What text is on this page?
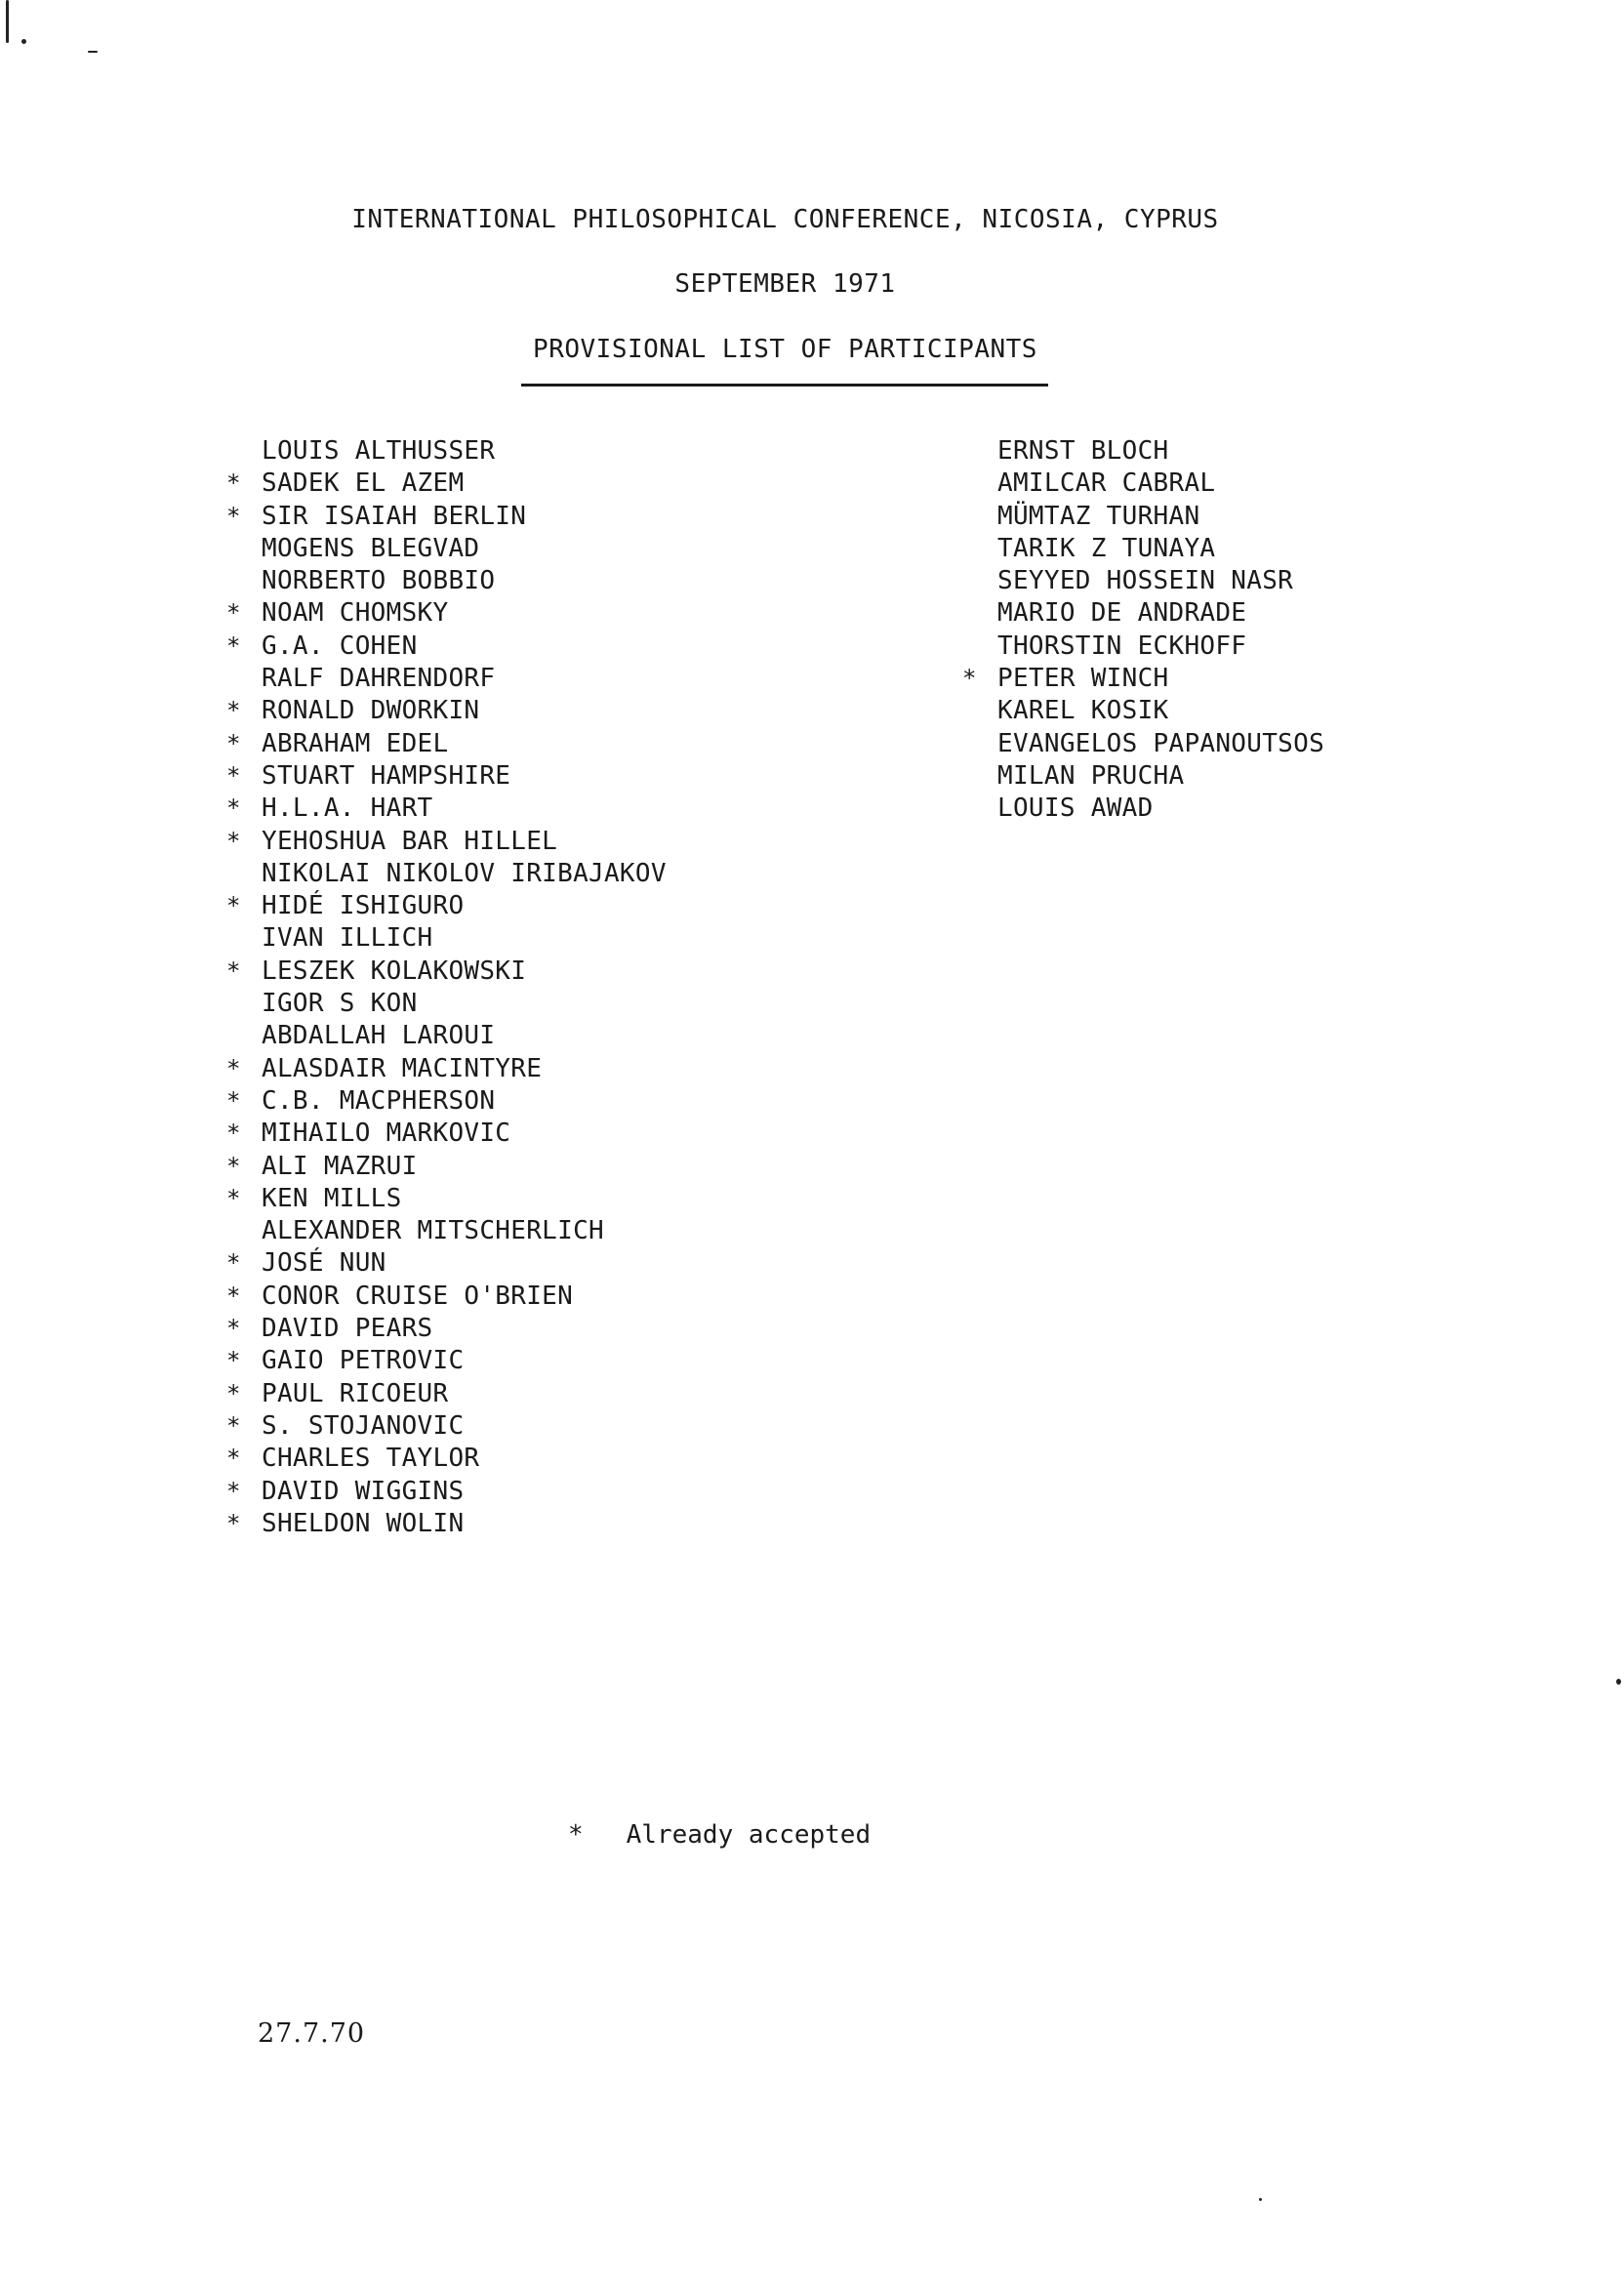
INTERNATIONAL PHILOSOPHICAL CONFERENCE, NICOSIA, CYPRUS
SEPTEMBER 1971
PROVISIONAL LIST OF PARTICIPANTS
LOUIS ALTHUSSER
* SADEK EL AZEM
* SIR ISAIAH BERLIN
MOGENS BLEGVAD
NORBERTO BOBBIO
* NOAM CHOMSKY
* G.A. COHEN
RALF DAHRENDORF
* RONALD DWORKIN
* ABRAHAM EDEL
* STUART HAMPSHIRE
* H.L.A. HART
* YEHOSHUA BAR HILLEL
NIKOLAI NIKOLOV IRIBAJAKOV
* HIDÉ ISHIGURO
IVAN ILLICH
* LESZEK KOLAKOWSKI
IGOR S KON
ABDALLAH LAROUI
* ALASDAIR MACINTYRE
* C.B. MACPHERSON
* MIHAILO MARKOVIC
* ALI MAZRUI
* KEN MILLS
ALEXANDER MITSCHERLICH
* JOSÉ NUN
* CONOR CRUISE O'BRIEN
* DAVID PEARS
* GAIO PETROVIC
* PAUL RICOEUR
* S. STOJANOVIC
* CHARLES TAYLOR
* DAVID WIGGINS
* SHELDON WOLIN
ERNST BLOCH
AMILCAR CABRAL
MÜMTAZ TURHAN
TARIK Z TUNAYA
SEYYED HOSSEIN NASR
MARIO DE ANDRADE
THORSTIN ECKHOFF
* PETER WINCH
KAREL KOSIK
EVANGELOS PAPANOUTSOS
MILAN PRUCHA
LOUIS AWAD
* Already accepted
27.7.70
